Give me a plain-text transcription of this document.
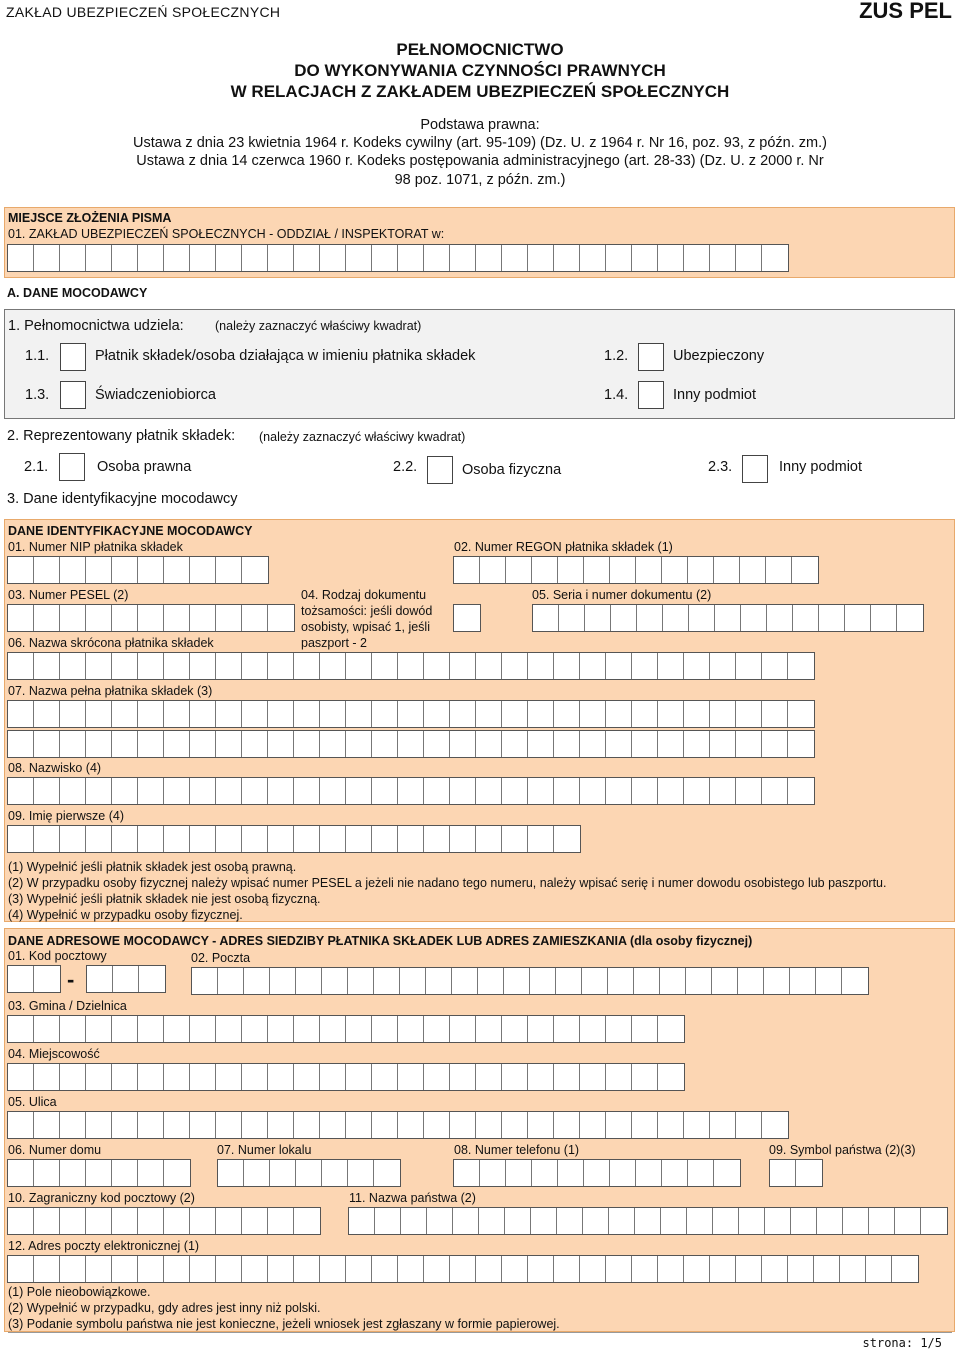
ZAKŁAD UBEZPIECZEŃ SPOŁECZNYCH	ZUS PEL
PEŁNOMOCNICTWO
DO WYKONYWANIA CZYNNOŚCI PRAWNYCH
W RELACJACH Z ZAKŁADEM UBEZPIECZEŃ SPOŁECZNYCH
Podstawa prawna:
Ustawa z dnia 23 kwietnia 1964 r. Kodeks cywilny (art. 95-109) (Dz. U. z 1964 r. Nr 16, poz. 93, z późn. zm.)
Ustawa z dnia 14 czerwca 1960 r. Kodeks postępowania administracyjnego (art. 28-33) (Dz. U. z 2000 r. Nr
98 poz. 1071, z późn. zm.)
MIEJSCE ZŁOŻENIA PISMA
01. ZAKŁAD UBEZPIECZEŃ SPOŁECZNYCH - ODDZIAŁ / INSPEKTORAT w:
A. DANE MOCODAWCY
1. Pełnomocnictwa udziela:	(należy zaznaczyć właściwy kwadrat)
1.1.	Płatnik składek/osoba działająca w imieniu płatnika składek	1.2.	Ubezpieczony
1.3.	Świadczeniobiorca	1.4.	Inny podmiot
2. Reprezentowany płatnik składek: (należy zaznaczyć właściwy kwadrat)
2.1.	Osoba prawna	2.2.	Osoba fizyczna	2.3.	Inny podmiot
3. Dane identyfikacyjne mocodawcy
DANE IDENTYFIKACYJNE MOCODAWCY
01. Numer NIP płatnika składek	02. Numer REGON płatnika składek (1)
03. Numer PESEL (2)	04. Rodzaj dokumentu
tożsamości: jeśli dowód
osobisty, wpisać 1, jeśli
paszport - 2
05. Seria i numer dokumentu (2)
06. Nazwa skrócona płatnika składek
07. Nazwa pełna płatnika składek (3)
08. Nazwisko (4)
09. Imię pierwsze (4)
(1) Wypełnić jeśli płatnik składek jest osobą prawną.
(2) W przypadku osoby fizycznej należy wpisać numer PESEL a jeżeli nie nadano tego numeru, należy wpisać serię i numer dowodu osobistego lub paszportu.
(3) Wypełnić jeśli płatnik składek nie jest osobą fizyczną.
(4) Wypełnić w przypadku osoby fizycznej.
DANE ADRESOWE MOCODAWCY - ADRES SIEDZIBY PŁATNIKA SKŁADEK LUB ADRES ZAMIESZKANIA (dla osoby fizycznej)
01. Kod pocztowy
-
02. Poczta
03. Gmina / Dzielnica
04. Miejscowość
05. Ulica
06. Numer domu	07. Numer lokalu	08. Numer telefonu (1)	09. Symbol państwa (2)(3)
10. Zagraniczny kod pocztowy (2)	11. Nazwa państwa (2)
12. Adres poczty elektronicznej (1)
(1) Pole nieobowiązkowe.
(2) Wypełnić w przypadku, gdy adres jest inny niż polski.
(3) Podanie symbolu państwa nie jest konieczne, jeżeli wniosek jest zgłaszany w formie papierowej.
strona: 1/5
